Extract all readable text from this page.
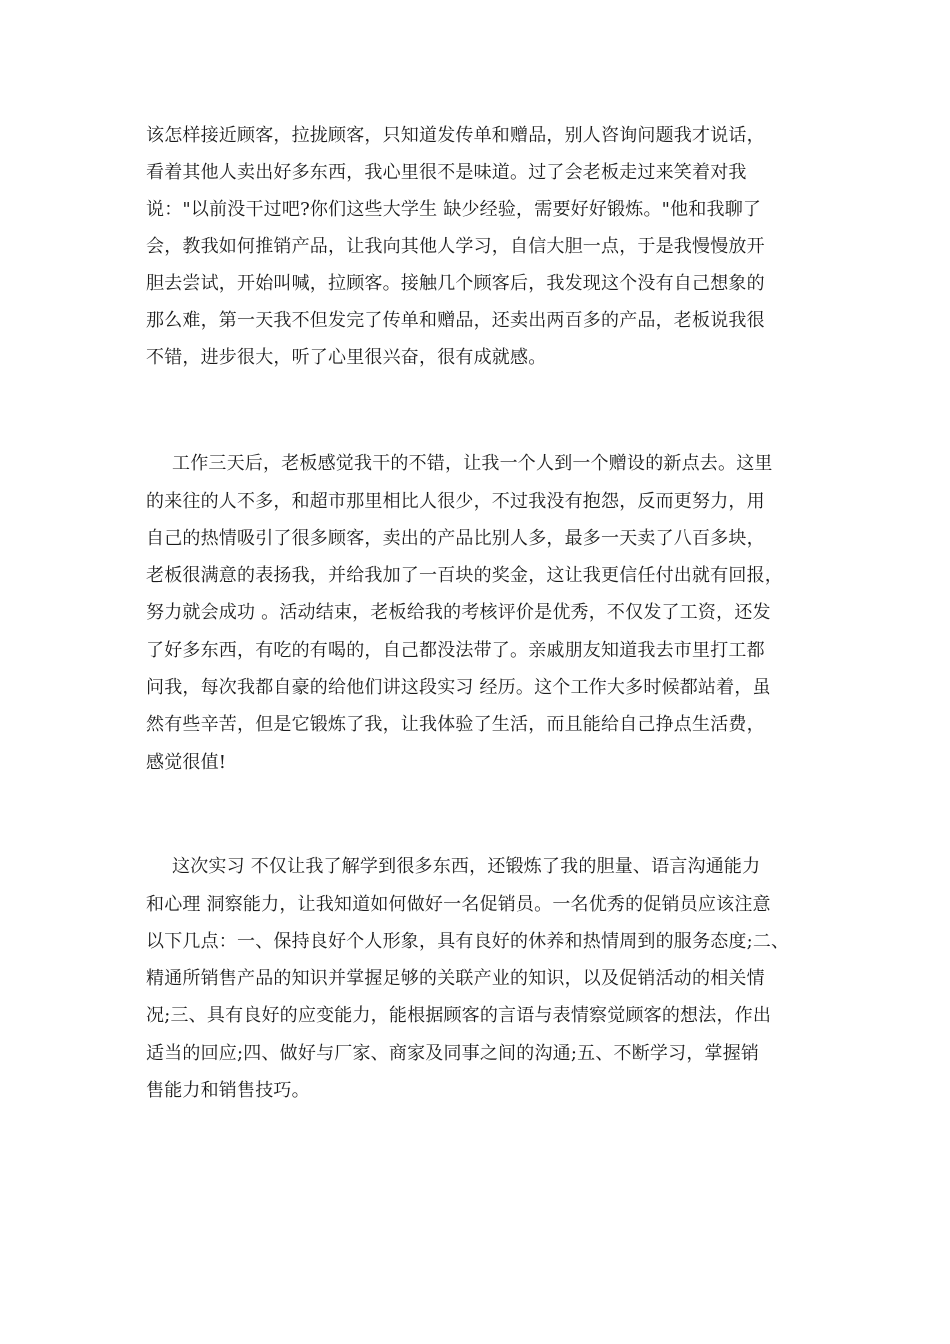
该怎样接近顾客，拉拢顾客，只知道发传单和赠品，别人咨询问题我才说话，
看着其他人卖出好多东西，我心里很不是味道。过了会老板走过来笑着对我
说："以前没干过吧?你们这些大学生 缺少经验，需要好好锻炼。"他和我聊了
会，教我如何推销产品，让我向其他人学习，自信大胆一点，于是我慢慢放开
胆去尝试，开始叫喊，拉顾客。接触几个顾客后，我发现这个没有自己想象的
那么难，第一天我不但发完了传单和赠品，还卖出两百多的产品，老板说我很
不错，进步很大，听了心里很兴奋，很有成就感。
工作三天后，老板感觉我干的不错，让我一个人到一个赠设的新点去。这里
的来往的人不多，和超市那里相比人很少，不过我没有抱怨，反而更努力，用
自己的热情吸引了很多顾客，卖出的产品比别人多，最多一天卖了八百多块，
老板很满意的表扬我，并给我加了一百块的奖金，这让我更信任付出就有回报，
努力就会成功 。活动结束，老板给我的考核评价是优秀，不仅发了工资，还发
了好多东西，有吃的有喝的，自己都没法带了。亲戚朋友知道我去市里打工都
问我，每次我都自豪的给他们讲这段实习 经历。这个工作大多时候都站着，虽
然有些辛苦，但是它锻炼了我，让我体验了生活，而且能给自己挣点生活费，
感觉很值!
这次实习 不仅让我了解学到很多东西，还锻炼了我的胆量、语言沟通能力
和心理 洞察能力，让我知道如何做好一名促销员。一名优秀的促销员应该注意
以下几点：一、保持良好个人形象，具有良好的休养和热情周到的服务态度;二、
精通所销售产品的知识并掌握足够的关联产业的知识，以及促销活动的相关情
况;三、具有良好的应变能力，能根据顾客的言语与表情察觉顾客的想法，作出
适当的回应;四、做好与厂家、商家及同事之间的沟通;五、不断学习，掌握销
售能力和销售技巧。
